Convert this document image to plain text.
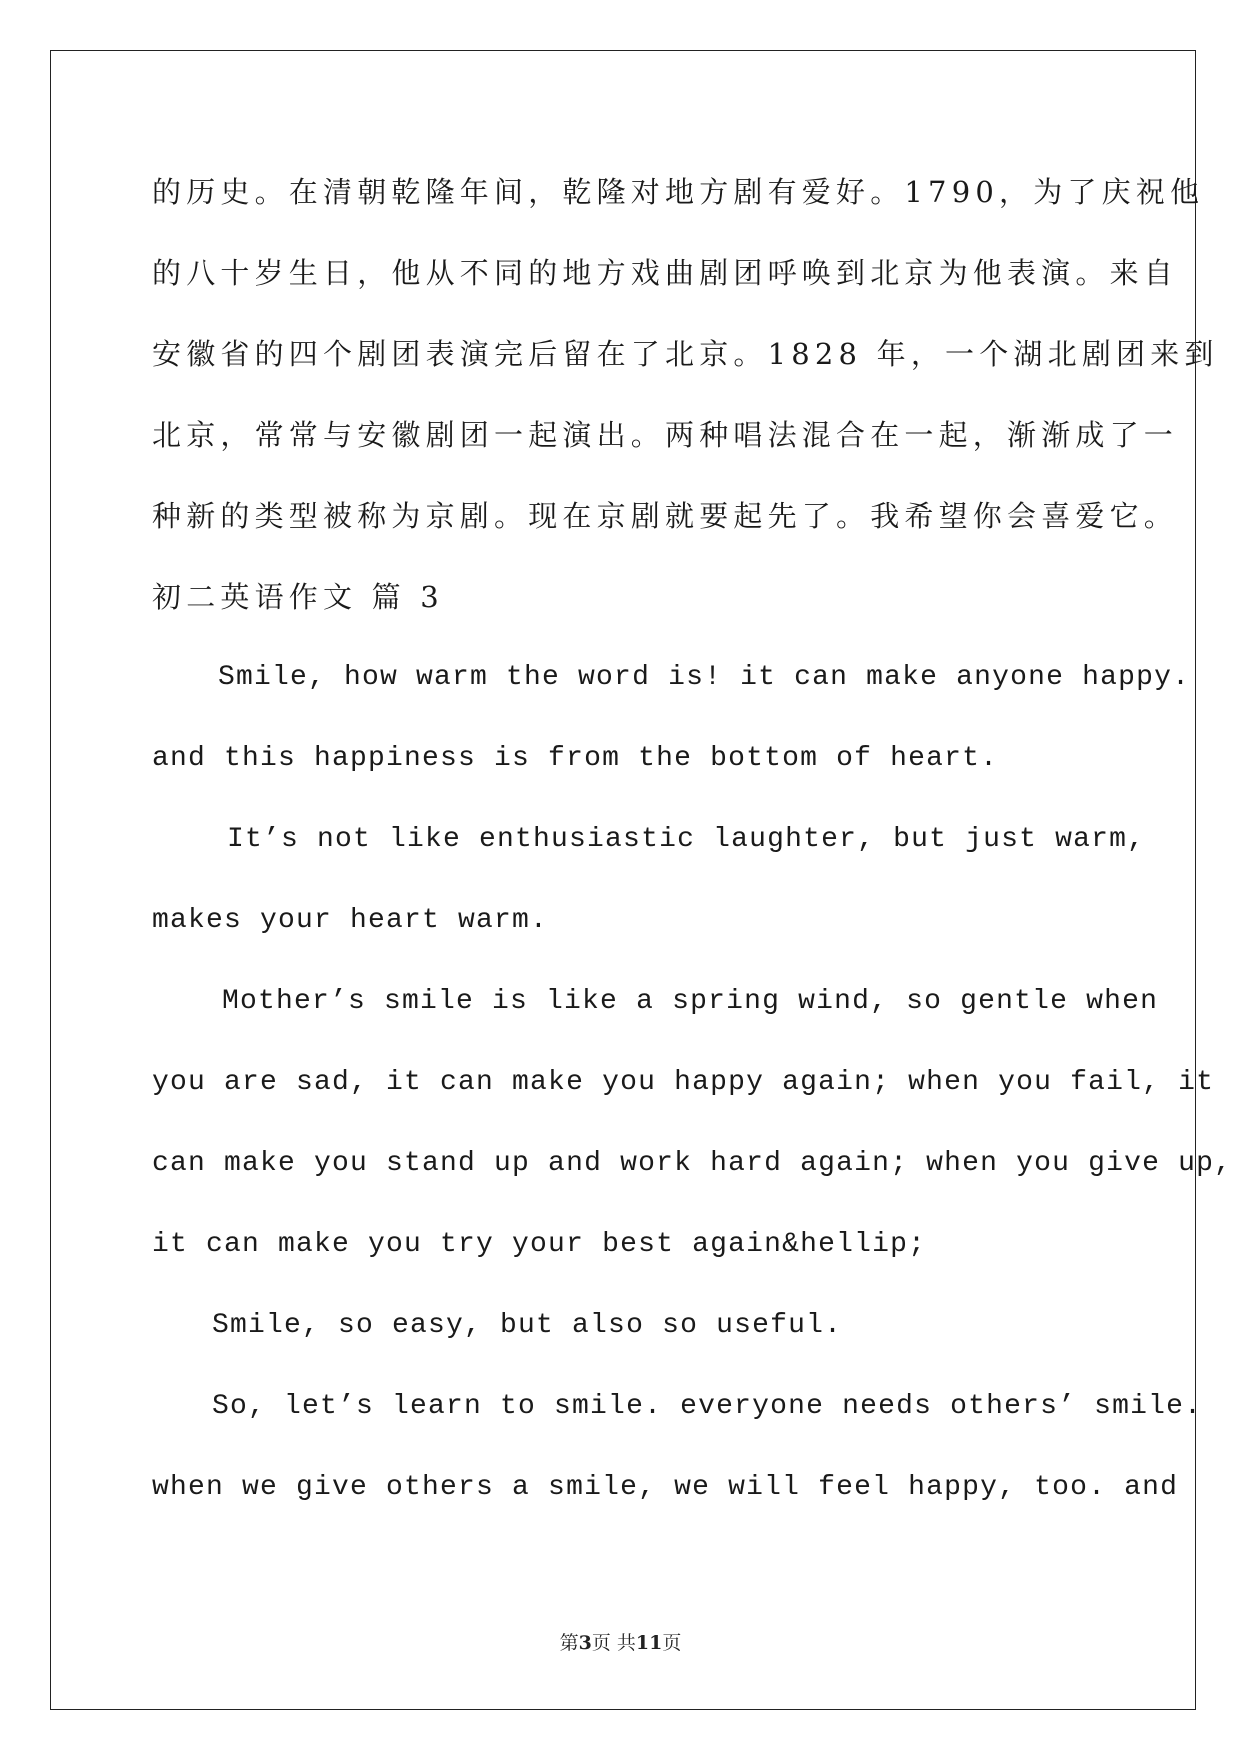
的历史。在清朝乾隆年间，乾隆对地方剧有爱好。1790，为了庆祝他
的八十岁生日，他从不同的地方戏曲剧团呼唤到北京为他表演。来自
安徽省的四个剧团表演完后留在了北京。1828 年，一个湖北剧团来到
北京，常常与安徽剧团一起演出。两种唱法混合在一起，渐渐成了一
种新的类型被称为京剧。现在京剧就要起先了。我希望你会喜爱它。
初二英语作文 篇 3
Smile, how warm the word is! it can make anyone happy.
and this happiness is from the bottom of heart.
It’s not like enthusiastic laughter, but just warm,
makes your heart warm.
Mother’s smile is like a spring wind, so gentle when
you are sad, it can make you happy again; when you fail, it
can make you stand up and work hard again; when you give up,
it can make you try your best again&hellip;
Smile, so easy, but also so useful.
So, let’s learn to smile. everyone needs others’ smile.
when we give others a smile, we will feel happy, too. and
第3页 共11页
